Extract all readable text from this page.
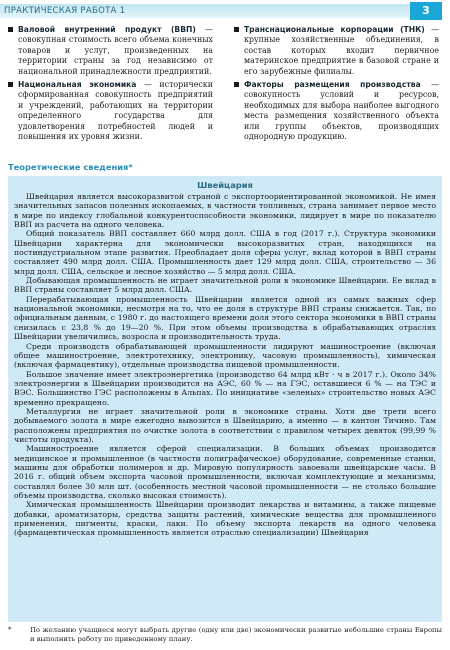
ПРАКТИЧЕСКАЯ РАБОТА 1	3
Валовой внутренний продукт (ВВП) — совокупная стоимость всего объема конечных товаров и услуг, произведенных на территории страны за год независимо от национальной принадлежности предприятий.
Национальная экономика — исторически сформированная совокупность предприятий и учреждений, работающих на территории определенного государства для удовлетворения потребностей людей и повышения их уровня жизни.
Транснациональные корпорации (ТНК) — крупные хозяйственные объединения, в состав которых входит первичное материнское предприятие в базовой стране и его зарубежные филиалы.
Факторы размещения производства — совокупность условий и ресурсов, необходимых для выбора наиболее выгодного места размещения хозяйственного объекта или группы объектов, производящих однородную продукцию.
Теоретические сведения*
Швейцария

Швейцария является высокоразвитой страной с экспортоориентированной экономикой. Не имея значительных запасов полезных ископаемых, в частности топливных, страна занимает первое место в мире по индексу глобальной конкурентоспособности экономики, лидирует в мире по показателю ВВП из расчета на одного человека.

Общий показатель ВВП составляет 660 млрд долл. США в год (2017 г.). Структура экономики Швейцарии характерна для экономически высокоразвитых стран, находящихся на постиндустриальном этапе развития. Преобладает доля сферы услуг, вклад которой в ВВП страны составляет 490 млрд долл. США. Промышленность дает 129 млрд долл. США, строительство — 36 млрд долл. США, сельское и лесное хозяйство — 5 млрд долл. США.

Добывающая промышленность не играет значительной роли в экономике Швейцарии. Ее вклад в ВВП страны составляет 5 млрд долл. США.

Перерабатывающая промышленность Швейцарии является одной из самых важных сфер национальной экономики, несмотря на то, что ее доля в структуре ВВП страны снижается. Так, по официальным данным, с 1980 г. до настоящего времени доля этого сектора экономики в ВВП страны снизилась с 23,8 % до 19—20 %. При этом объемы производства в обрабатывающих отраслях Швейцарии увеличились, возросла и производительность труда.

Среди производств обрабатывающей промышленности лидируют машиностроение (включая общее машиностроение, электротехнику, электронику, часовую промышленность), химическая (включая фармацевтику), отдельные производства пищевой промышленности.

Большое значение имеет электроэнергетика (производство 64 млрд кВт · ч в 2017 г.). Около 34% электроэнергии в Швейцарии производится на АЭС, 60 % — на ГЭС, оставшиеся 6 % — на ТЭС и ВЭС. Большинство ГЭС расположены в Альпах. По инициативе «зеленых» строительство новых АЭС временно прекращено.

Металлургия не играет значительной роли в экономике страны. Хотя две трети всего добываемого золота в мире ежегодно вывозится в Швейцарию, а именно — в кантон Тичино. Там расположены предприятия по очистке золота в соответствии с правилом четырех девяток (99,99 % чистоты продукта).

Машиностроение является сферой специализации. В больших объемах производятся медицинское и промышленное (в частности полиграфическое) оборудование, современные станки, машины для обработки полимеров и др. Мировую популярность завоевали швейцарские часы. В 2016 г. общий объем экспорта часовой промышленности, включая комплектующие и механизмы, составлял более 30 млн шт. (особенность местной часовой промышленности — не столько большие объемы производства, сколько высокая стоимость).

Химическая промышленность Швейцарии производит лекарства и витамины, а также пищевые добавки, ароматизаторы, средства защиты растений, химические вещества для промышленного применения, пигменты, краски, лаки. По объему экспорта лекарств на одного человека (фармацевтическая промышленность является отраслью специализации) Швейцария

*	По желанию учащиеся могут выбрать другие (одну или две) экономически развитые небольшие страны Европы и выполнить работу по приведенному плану.
